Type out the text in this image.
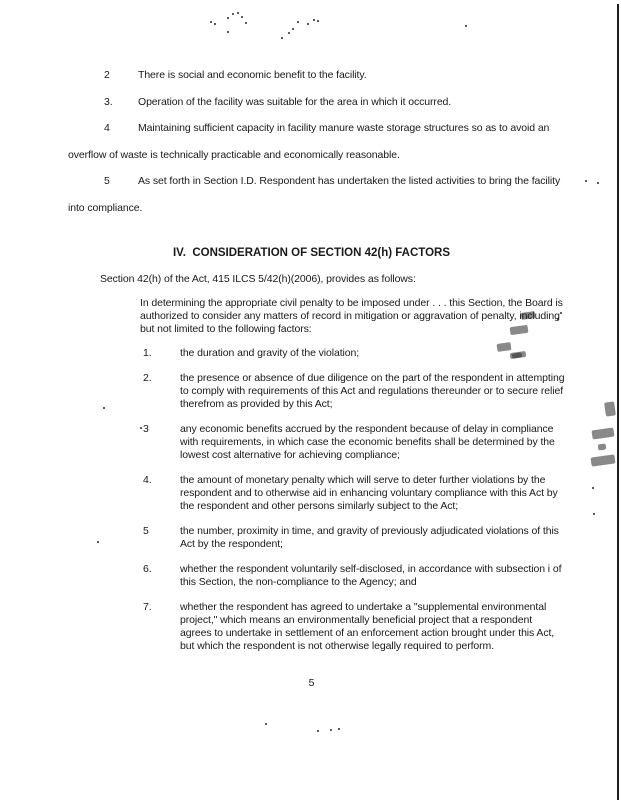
2	There is social and economic benefit to the facility.

3. Operation of the facility was suitable for the area in which it occurred.

4	Maintaining sufficient capacity in facility manure waste storage structures so as to avoid an overflow of waste is technically practicable and economically reasonable.

5	As set forth in Section I.D. Respondent has undertaken the listed activities to bring the facility into compliance.

IV.  CONSIDERATION OF SECTION 42(h) FACTORS

Section 42(h) of the Act, 415 ILCS 5/42(h)(2006), provides as follows:

In determining the appropriate civil penalty to be imposed under . . . this Section, the Board is authorized to consider any matters of record in mitigation or aggravation of penalty, including but not limited to the following factors:

1.	the duration and gravity of the violation;
2.	the presence or absence of due diligence on the part of the respondent in attempting to comply with requirements of this Act and regulations thereunder or to secure relief therefrom as provided by this Act;
3	any economic benefits accrued by the respondent because of delay in compliance with requirements, in which case the economic benefits shall be determined by the lowest cost alternative for achieving compliance;
4.	the amount of monetary penalty which will serve to deter further violations by the respondent and to otherwise aid in enhancing voluntary compliance with this Act by the respondent and other persons similarly subject to the Act;
5	the number, proximity in time, and gravity of previously adjudicated violations of this Act by the respondent;
6.	whether the respondent voluntarily self-disclosed, in accordance with subsection i of this Section, the non-compliance to the Agency; and
7.	whether the respondent has agreed to undertake a "supplemental environmental project," which means an environmentally beneficial project that a respondent agrees to undertake in settlement of an enforcement action brought under this Act, but which the respondent is not otherwise legally required to perform.
5
